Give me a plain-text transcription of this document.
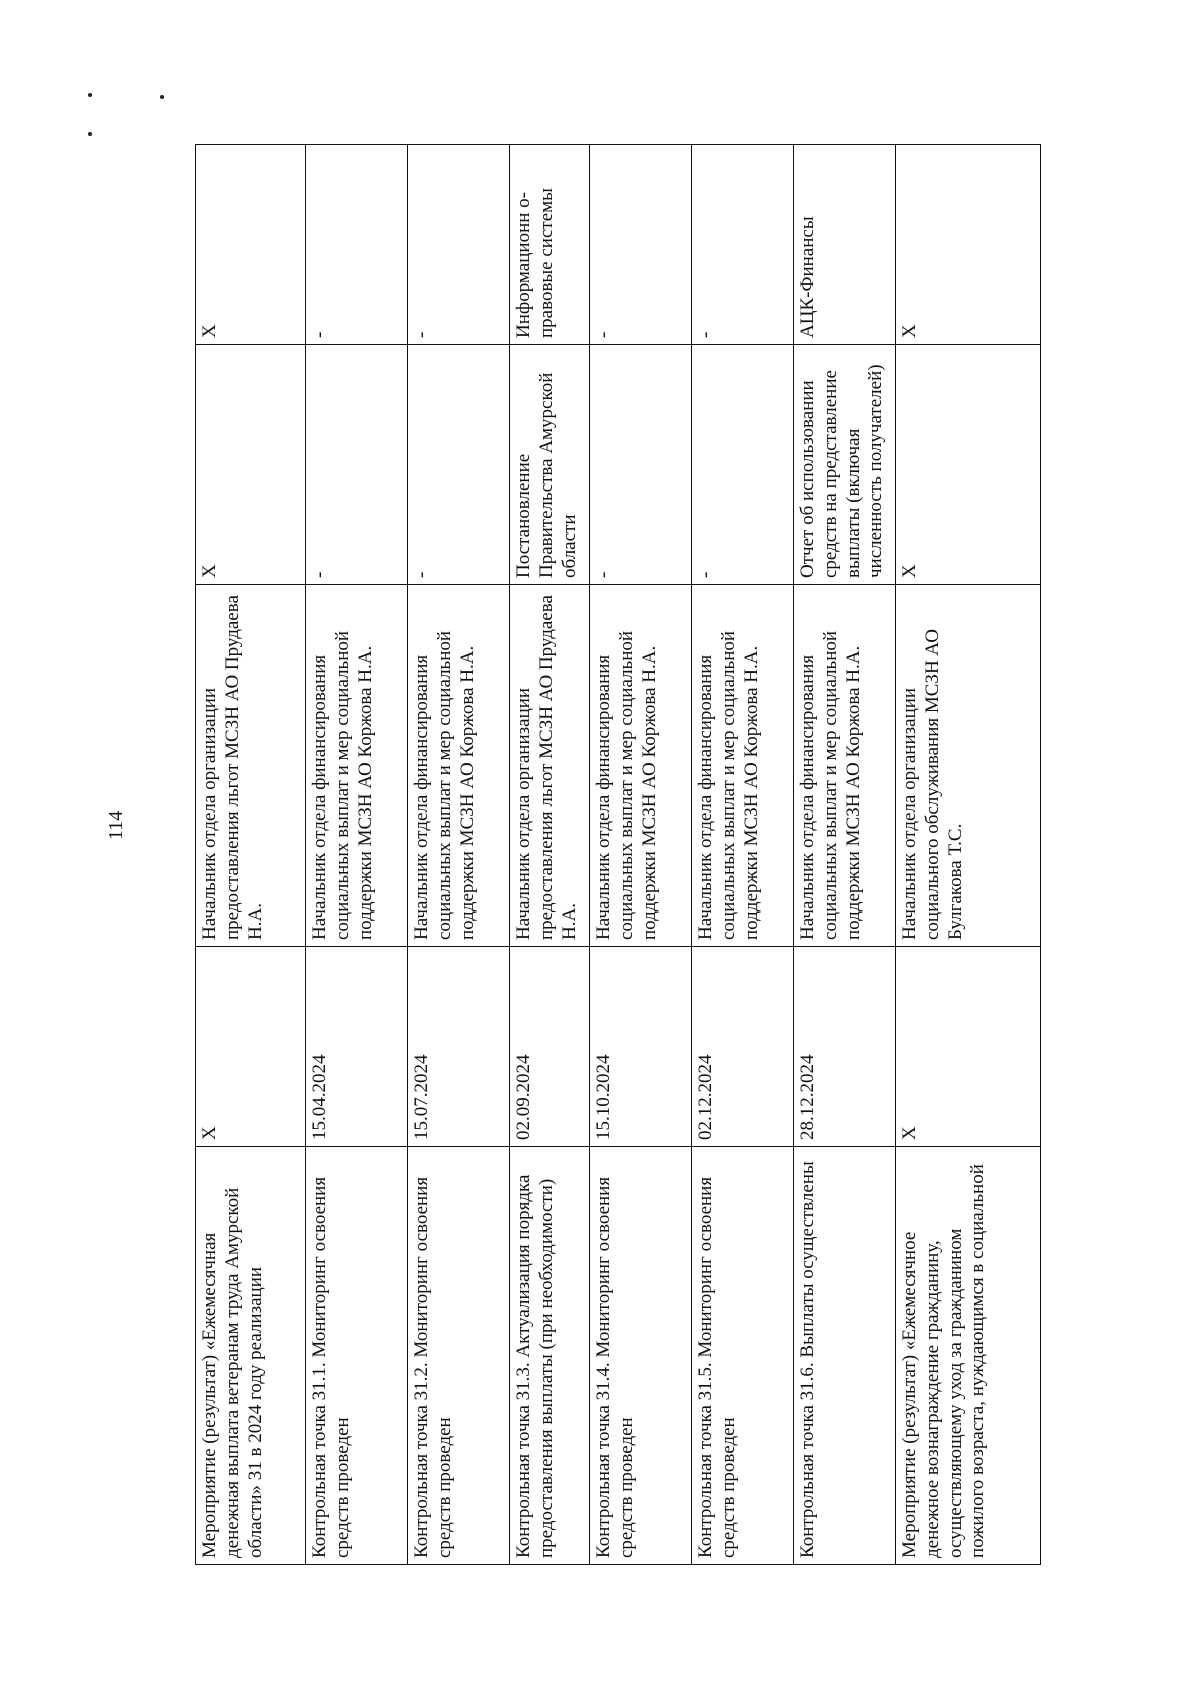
114
Мероприятие (результат) «Ежемесячная денежная выплата ветеранам труда Амурской области» 31 в 2024 году реализации	X	Начальник отдела организации предоставления льгот МСЗН АО Прудаева Н.А.	X	X
Контрольная точка 31.1. Мониторинг освоения средств проведен	15.04.2024	Начальник отдела финансирования социальных выплат и мер социальной поддержки МСЗН АО Коржова Н.А.	-	-
Контрольная точка 31.2. Мониторинг освоения средств проведен	15.07.2024	Начальник отдела финансирования социальных выплат и мер социальной поддержки МСЗН АО Коржова Н.А.	-	-
Контрольная точка 31.3. Актуализация порядка предоставления выплаты (при необходимости)	02.09.2024	Начальник отдела организации предоставления льгот МСЗН АО Прудаева Н.А.	Постановление Правительства Амурской области	Информационн о-правовые системы
Контрольная точка 31.4. Мониторинг освоения средств проведен	15.10.2024	Начальник отдела финансирования социальных выплат и мер социальной поддержки МСЗН АО Коржова Н.А.	-	-
Контрольная точка 31.5. Мониторинг освоения средств проведен	02.12.2024	Начальник отдела финансирования социальных выплат и мер социальной поддержки МСЗН АО Коржова Н.А.	-	-
Контрольная точка 31.6. Выплаты осуществлены	28.12.2024	Начальник отдела финансирования социальных выплат и мер социальной поддержки МСЗН АО Коржова Н.А.	Отчет об использовании средств на представление выплаты (включая численность получателей)	АЦК-Финансы
Мероприятие (результат) «Ежемесячное денежное вознаграждение гражданину, осуществляющему уход за гражданином пожилого возраста, нуждающимся в социальной	X	Начальник отдела организации социального обслуживания МСЗН АО Булгакова Т.С.	X	X
